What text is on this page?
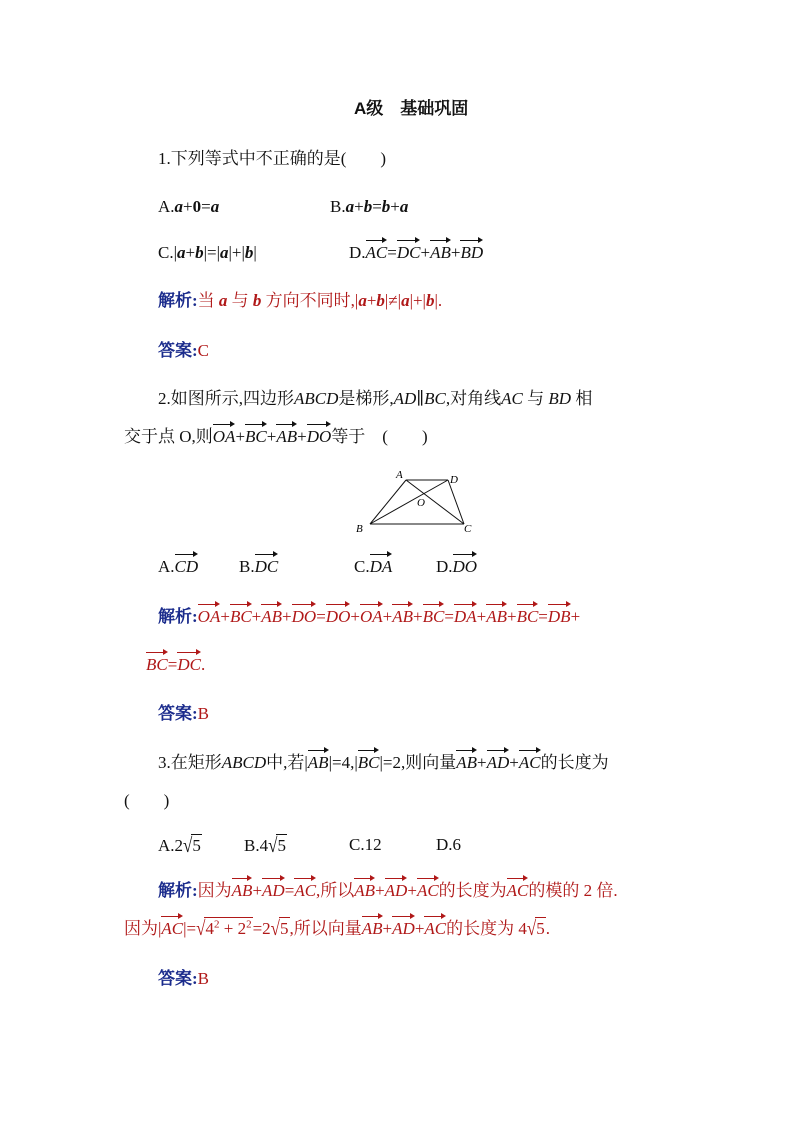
A级　基础巩固
1.下列等式中不正确的是(　　)
A.a+0=a	B.a+b=b+a
C.|a+b|=|a|+|b|	D.AC=DC+AB+BD
解析:当 a 与 b 方向不同时,|a+b|≠|a|+|b|.
答案:C
2.如图所示,四边形ABCD是梯形,AD∥BC,对角线AC 与 BD 相
交于点 O,则OA+BC+AB+DO等于　(　　)
A	D
B	C
O
A.CD B.DC	C.DA	D.DO
解析:OA+BC+AB+DO=DO+OA+AB+BC=DA+AB+BC=DB+
BC=DC.
答案:B
3.在矩形ABCD中,若|AB|=4,|BC|=2,则向量AB+AD+AC的长度为
(　　)
A.2√5	B.4√5	C.12	D.6
解析:因为AB+AD=AC,所以AB+AD+AC的长度为AC的模的 2 倍.
因为$|AC|=√4^2 + 2^2=2√5$,所以向量AB+AD+AC的长度为 4√5.
答案:B
